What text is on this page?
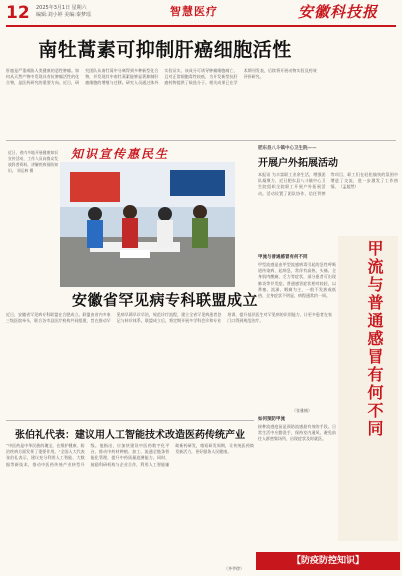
12 2025年3月1日 星期六
编辑:刘小婷 美编:秦梦瑶	智慧医疗	安徽科技报
南牡蒿素可抑制肝癌细胞活性
肝癌是严重威胁人类健康的恶性肿瘤。如何从天然产物中发现具有抗肿瘤活性的化合物，是医药研究的重要方向。近日，研究团队从南牡蒿中分离得到多种新型化合物，并发现其中南牡蒿素能够显著抑制肝癌细胞的增殖与迁移。研究人员通过体外实验证实，该成分可诱导肿瘤细胞凋亡，且对正常细胞毒性较低，为开发新型抗肝癌药物提供了候选分子。相关成果已在学术期刊发表，后续将开展动物实验及药效评价研究。
近日，省内多地开展健康知识宣传活动，工作人员向群众发放科普资料，讲解疾病预防知识。 刘运林 摄
知识宣传惠民生	肥东县八斗镇中心卫生院——
开展户外拓展活动
本报讯 为丰富职工业余生活，增强团队凝聚力，近日肥东县八斗镇中心卫生院组织全院职工开展户外拓展活动。活动设置了团队协作、信任背摔等项目，职工们在轻松愉快的氛围中增进了交流，进一步激发了工作热情。（孟超然）
安徽省罕见病专科联盟成立
近日，安徽省罕见病专科联盟在合肥成立。联盟由省内多家三级医院牵头，联合各市县医疗机构共同组建，旨在推动罕见病早筛早诊早治，规范诊疗流程，建立全省罕见病患者登记与转诊体系。联盟成立后，将定期开展多学科会诊和专业培训，提升基层医生对罕见病的识别能力，让更多患者在家门口得到规范治疗。
（张雅楠）	甲流与普通感冒有何不同
甲流与普通感冒有何不同
甲型流感是由甲型流感病毒引起的急性呼吸道传染病，起病急，常伴有高热、头痛、全身肌肉酸痛、乏力等症状，部分患者可出现肺炎等并发症。普通感冒症状相对较轻，以鼻塞、流涕、咽痛为主，一般不发热或低热，全身症状不明显，病程通常约一周。
如何预防甲流
接种流感疫苗是预防流感最有效的手段。日常生活中应勤洗手，保持室内通风，避免前往人群密集场所，出现症状及时就医。
张伯礼代表：建议用人工智能技术改造医药传统产业
“中医药是中华民族的瑰宝，在维护健康、防治疾病方面发挥了重要作用。”全国人大代表张伯礼表示，建议充分利用人工智能、大数据等新技术，推动中医药传统产业转型升级。他指出，应加快建设中医药数字化平台，推动中药材种植、加工、流通全链条智能化管理，提升中药质量追溯能力。同时，鼓励科研机构与企业合作，利用人工智能辅助新药研发，缩短研发周期，让传统医药焕发新活力，更好服务人民健康。
（齐爷徐）
【防疫防控知识】
